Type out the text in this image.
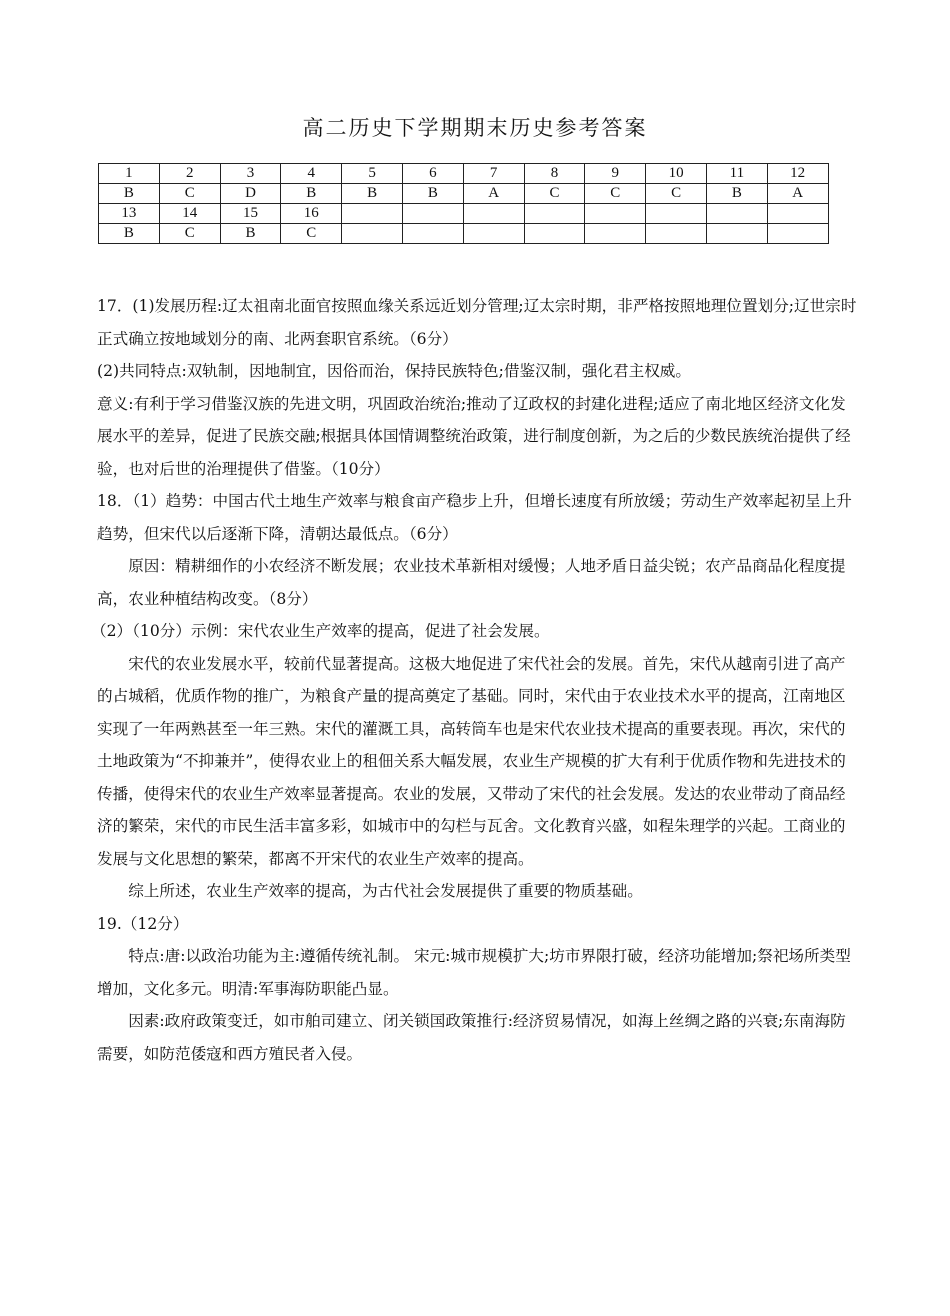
高二历史下学期期末历史参考答案
1	2	3	4	5	6	7	8	9	10	11	12
B	C	D	B	B	B	A	C	C	C	B	A
13	14	15	16								
B	C	B	C								

17．(1)发展历程:辽太祖南北面官按照血缘关系远近划分管理;辽太宗时期，非严格按照地理位置划分;辽世宗时正式确立按地域划分的南、北两套职官系统。（6分）

(2)共同特点:双轨制，因地制宜，因俗而治，保持民族特色;借鉴汉制，强化君主权威。

意义:有利于学习借鉴汉族的先进文明，巩固政治统治;推动了辽政权的封建化进程;适应了南北地区经济文化发展水平的差异，促进了民族交融;根据具体国情调整统治政策，进行制度创新，为之后的少数民族统治提供了经验，也对后世的治理提供了借鉴。（10分）

18．（1）趋势：中国古代土地生产效率与粮食亩产稳步上升，但增长速度有所放缓；劳动生产效率起初呈上升趋势，但宋代以后逐渐下降，清朝达最低点。（6分）

原因：精耕细作的小农经济不断发展；农业技术革新相对缓慢；人地矛盾日益尖锐；农产品商品化程度提高，农业种植结构改变。（8分）

（2）（10分）示例：宋代农业生产效率的提高，促进了社会发展。

宋代的农业发展水平，较前代显著提高。这极大地促进了宋代社会的发展。首先，宋代从越南引进了高产的占城稻，优质作物的推广，为粮食产量的提高奠定了基础。同时，宋代由于农业技术水平的提高，江南地区实现了一年两熟甚至一年三熟。宋代的灌溉工具，高转筒车也是宋代农业技术提高的重要表现。再次，宋代的土地政策为“不抑兼并”，使得农业上的租佃关系大幅发展，农业生产规模的扩大有利于优质作物和先进技术的传播，使得宋代的农业生产效率显著提高。农业的发展，又带动了宋代的社会发展。发达的农业带动了商品经济的繁荣，宋代的市民生活丰富多彩，如城市中的勾栏与瓦舍。文化教育兴盛，如程朱理学的兴起。工商业的发展与文化思想的繁荣，都离不开宋代的农业生产效率的提高。

综上所述，农业生产效率的提高，为古代社会发展提供了重要的物质基础。

19.（12分）

特点:唐:以政治功能为主:遵循传统礼制。 宋元:城市规模扩大;坊市界限打破，经济功能增加;祭祀场所类型增加，文化多元。明清:军事海防职能凸显。

因素:政府政策变迁，如市舶司建立、闭关锁国政策推行:经济贸易情况，如海上丝绸之路的兴衰;东南海防需要，如防范倭寇和西方殖民者入侵。
